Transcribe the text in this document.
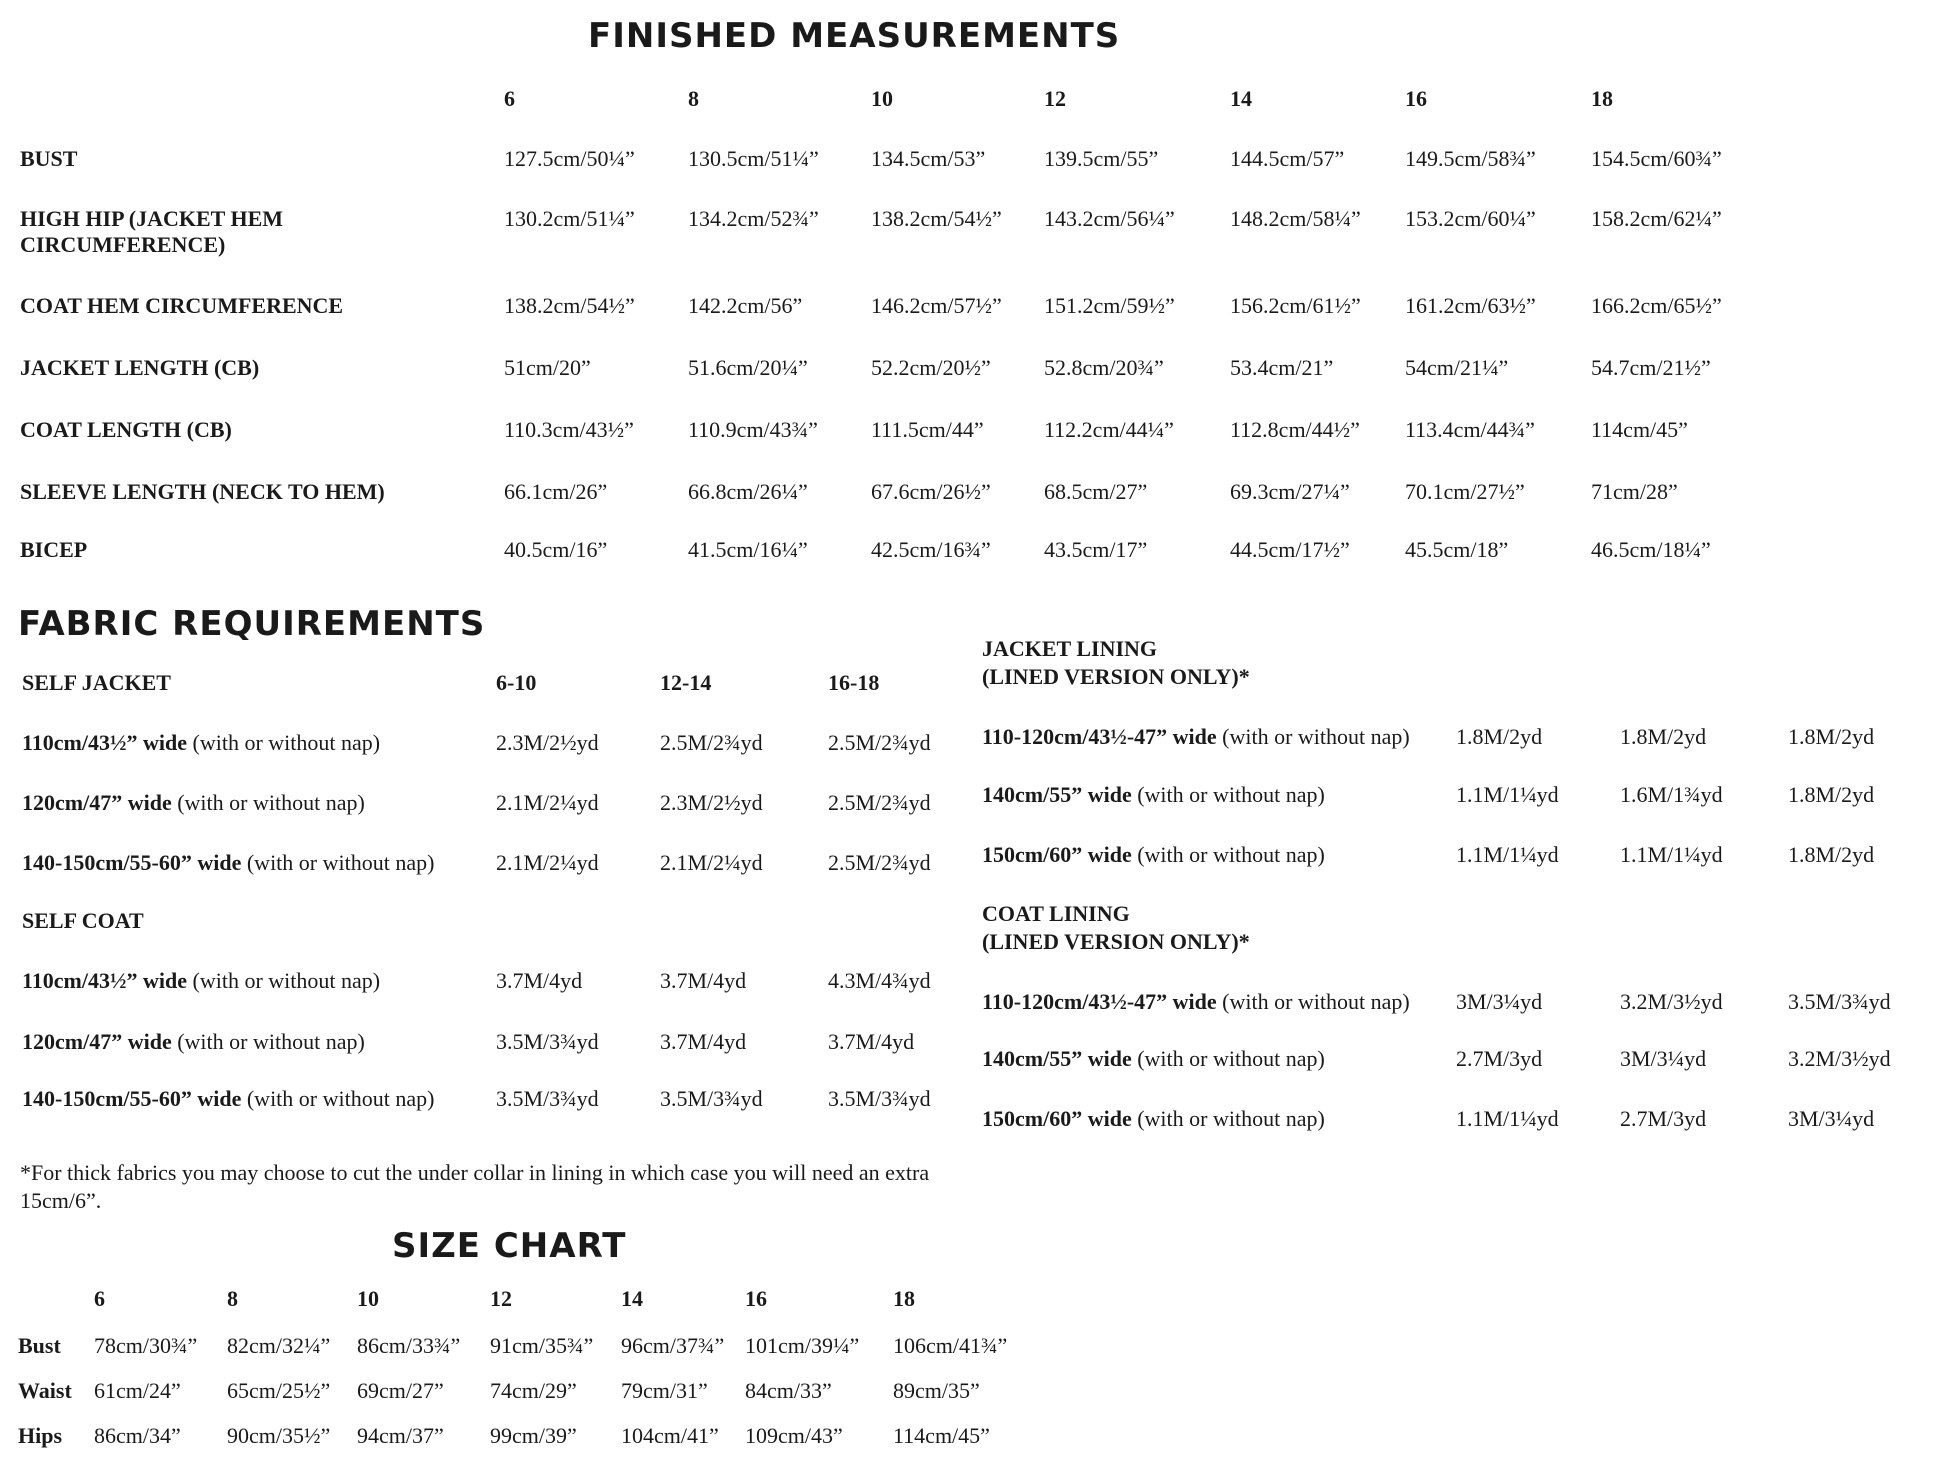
FINISHED MEASUREMENTS
6	8	10	12	14	16	18
BUST	127.5cm/50¼” 130.5cm/51¼” 134.5cm/53”	139.5cm/55”	144.5cm/57”	149.5cm/58¾”	154.5cm/60¾”
HIGH HIP (JACKET HEM
CIRCUMFERENCE)
130.2cm/51¼” 134.2cm/52¾” 138.2cm/54½” 143.2cm/56¼”	148.2cm/58¼” 153.2cm/60¼”	158.2cm/62¼”
COAT HEM CIRCUMFERENCE	138.2cm/54½” 142.2cm/56”	146.2cm/57½” 151.2cm/59½”	156.2cm/61½” 161.2cm/63½”	166.2cm/65½”
JACKET LENGTH (CB)	51cm/20”	51.6cm/20¼”	52.2cm/20½” 52.8cm/20¾”	53.4cm/21”	54cm/21¼”	54.7cm/21½”
COAT LENGTH (CB)	110.3cm/43½” 110.9cm/43¾” 111.5cm/44”	112.2cm/44¼”	112.8cm/44½” 113.4cm/44¾”	114cm/45”
SLEEVE LENGTH (NECK TO HEM)	66.1cm/26”	66.8cm/26¼”	67.6cm/26½” 68.5cm/27”	69.3cm/27¼”	70.1cm/27½”	71cm/28”
BICEP	40.5cm/16”	41.5cm/16¼”	42.5cm/16¾” 43.5cm/17”	44.5cm/17½”	45.5cm/18”	46.5cm/18¼”
FABRIC REQUIREMENTS
SELF JACKET	6-10	12-14	16-18
110cm/43½” wide (with or without nap)	2.3M/2½yd	2.5M/2¾yd	2.5M/2¾yd
120cm/47” wide (with or without nap)	2.1M/2¼yd	2.3M/2½yd	2.5M/2¾yd
140-150cm/55-60” wide (with or without nap)	2.1M/2¼yd	2.1M/2¼yd	2.5M/2¾yd
SELF COAT
110cm/43½” wide (with or without nap)	3.7M/4yd	3.7M/4yd	4.3M/4¾yd
120cm/47” wide (with or without nap)	3.5M/3¾yd	3.7M/4yd	3.7M/4yd
140-150cm/55-60” wide (with or without nap)	3.5M/3¾yd	3.5M/3¾yd	3.5M/3¾yd
JACKET LINING
(LINED VERSION ONLY)*
110-120cm/43½-47” wide (with or without nap) 1.8M/2yd	1.8M/2yd	1.8M/2yd
140cm/55” wide (with or without nap)	1.1M/1¼yd	1.6M/1¾yd	1.8M/2yd
150cm/60” wide (with or without nap)	1.1M/1¼yd	1.1M/1¼yd	1.8M/2yd
COAT LINING
(LINED VERSION ONLY)*
110-120cm/43½-47” wide (with or without nap) 3M/3¼yd	3.2M/3½yd	3.5M/3¾yd
140cm/55” wide (with or without nap)	2.7M/3yd	3M/3¼yd	3.2M/3½yd
150cm/60” wide (with or without nap)	1.1M/1¼yd	2.7M/3yd	3M/3¼yd
*For thick fabrics you may choose to cut the under collar in lining in which case you will need an extra
15cm/6”.
SIZE CHART
6	8	10	12	14	16	18
Bust 78cm/30¾” 82cm/32¼” 86cm/33¾” 91cm/35¾” 96cm/37¾” 101cm/39¼” 106cm/41¾”
Waist 61cm/24” 65cm/25½” 69cm/27” 74cm/29” 79cm/31” 84cm/33”	89cm/35”
Hips 86cm/34” 90cm/35½” 94cm/37” 99cm/39” 104cm/41” 109cm/43” 114cm/45”
